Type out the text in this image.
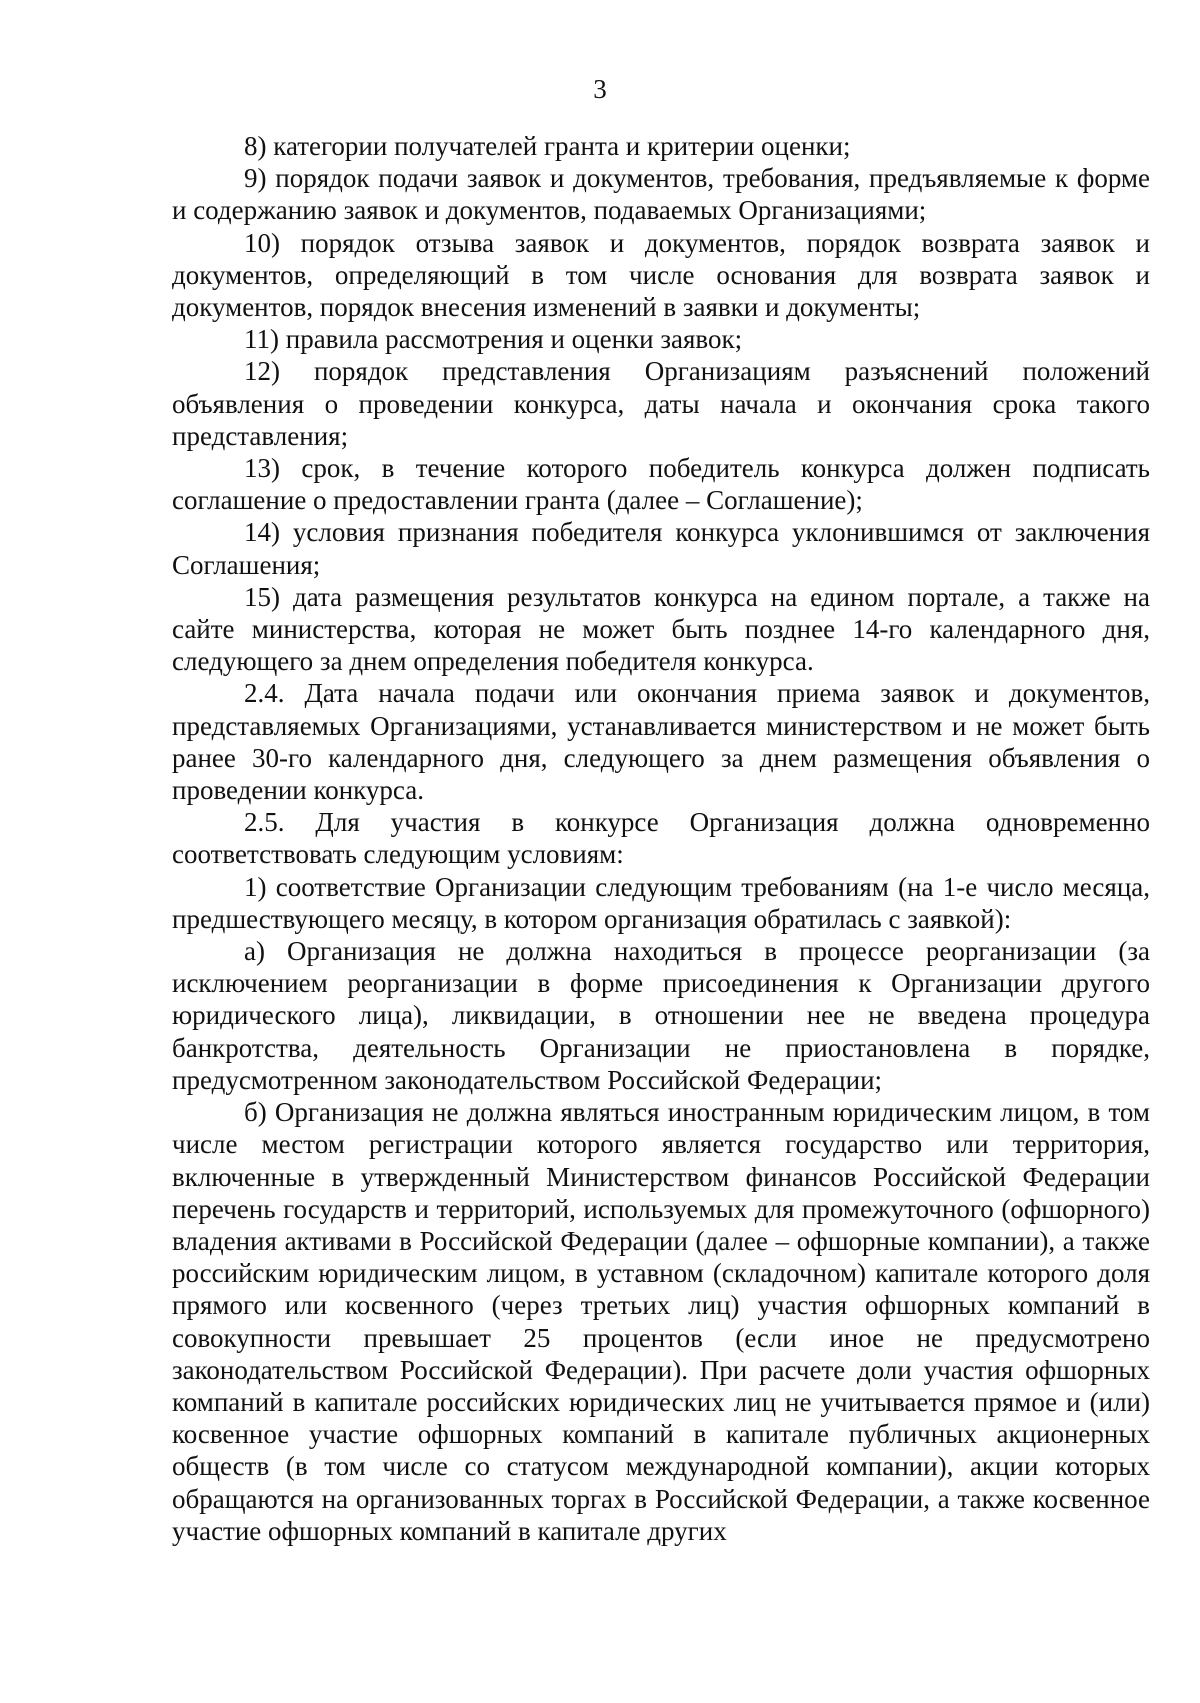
3

8) категории получателей гранта и критерии оценки;

9) порядок подачи заявок и документов, требования, предъявляемые к форме и содержанию заявок и документов, подаваемых Организациями;

10) порядок отзыва заявок и документов, порядок возврата заявок и документов, определяющий в том числе основания для возврата заявок и документов, порядок внесения изменений в заявки и документы;

11) правила рассмотрения и оценки заявок;

12) порядок представления Организациям разъяснений положений объявления о проведении конкурса, даты начала и окончания срока такого представления;

13) срок, в течение которого победитель конкурса должен подписать соглашение о предоставлении гранта (далее – Соглашение);

14) условия признания победителя конкурса уклонившимся от заключения Соглашения;

15) дата размещения результатов конкурса на едином портале, а также на сайте министерства, которая не может быть позднее 14-го календарного дня, следующего за днем определения победителя конкурса.

2.4. Дата начала подачи или окончания приема заявок и документов, представляемых Организациями, устанавливается министерством и не может быть ранее 30-го календарного дня, следующего за днем размещения объявления о проведении конкурса.

2.5. Для участия в конкурсе Организация должна одновременно соответствовать следующим условиям:

1) соответствие Организации следующим требованиям (на 1-е число месяца, предшествующего месяцу, в котором организация обратилась с заявкой):

а) Организация не должна находиться в процессе реорганизации (за исключением реорганизации в форме присоединения к Организации другого юридического лица), ликвидации, в отношении нее не введена процедура банкротства, деятельность Организации не приостановлена в порядке, предусмотренном законодательством Российской Федерации;

б) Организация не должна являться иностранным юридическим лицом, в том числе местом регистрации которого является государство или территория, включенные в утвержденный Министерством финансов Российской Федерации перечень государств и территорий, используемых для промежуточного (офшорного) владения активами в Российской Федерации (далее – офшорные компании), а также российским юридическим лицом, в уставном (складочном) капитале которого доля прямого или косвенного (через третьих лиц) участия офшорных компаний в совокупности превышает 25 процентов (если иное не предусмотрено законодательством Российской Федерации). При расчете доли участия офшорных компаний в капитале российских юридических лиц не учитывается прямое и (или) косвенное участие офшорных компаний в капитале публичных акционерных обществ (в том числе со статусом международной компании), акции которых обращаются на организованных торгах в Российской Федерации, а также косвенное участие офшорных компаний в капитале других
